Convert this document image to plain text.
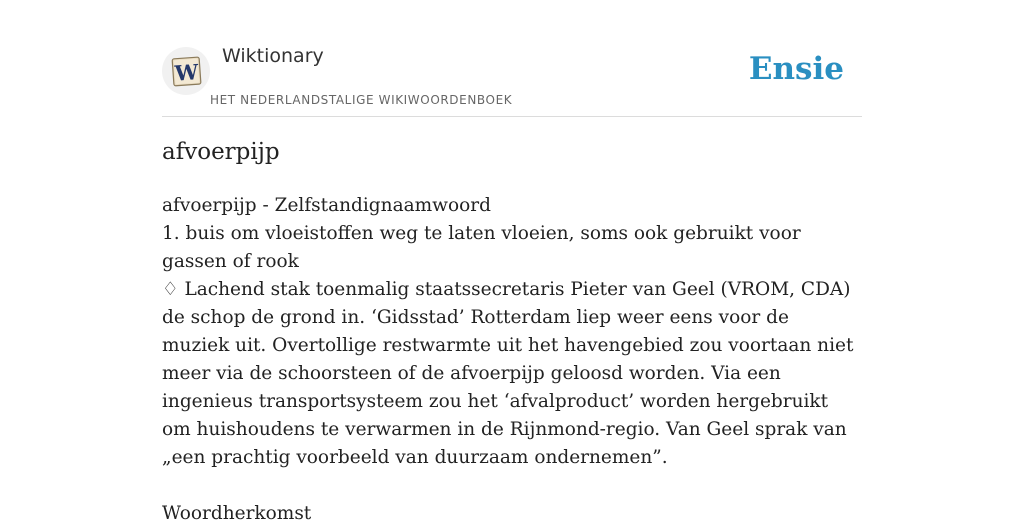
W
Wiktionary
HET NEDERLANDSTALIGE WIKIWOORDENBOEK
Ensie
afvoerpijp

afvoerpijp - Zelfstandignaamwoord

1. buis om vloeistoffen weg te laten vloeien, soms ook gebruikt voor gassen of rook

♢ Lachend stak toenmalig staatssecretaris Pieter van Geel (VROM, CDA) de schop de grond in. ‘Gidsstad’ Rotterdam liep weer eens voor de muziek uit. Overtollige restwarmte uit het havengebied zou voortaan niet meer via de schoorsteen of de afvoerpijp geloosd worden. Via een ingenieus transportsysteem zou het ‘afvalproduct’ worden hergebruikt om huishoudens te verwarmen in de Rijnmond-regio. Van Geel sprak van „een prachtig voorbeeld van duurzaam ondernemen”.

Woordherkomst
